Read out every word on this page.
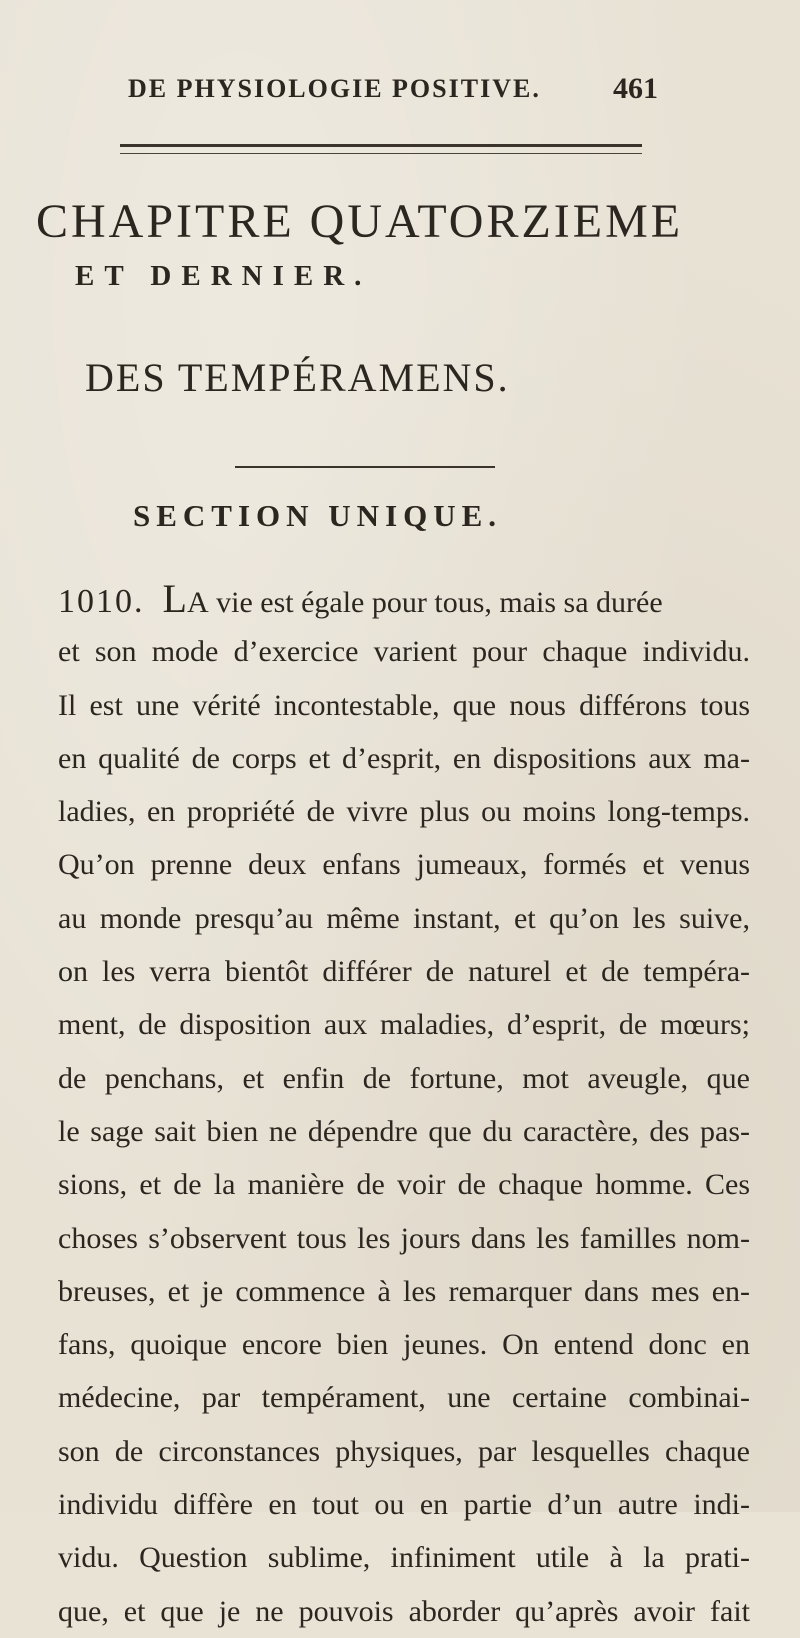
DE PHYSIOLOGIE POSITIVE. 461
CHAPITRE QUATORZIEME
ET DERNIER.
DES TEMPÉRAMENS.
SECTION UNIQUE.
1010. LA vie est égale pour tous, mais sa durée
et son mode d’exercice varient pour chaque individu.
Il est une vérité incontestable, que nous différons tous
en qualité de corps et d’esprit, en dispositions aux ma-
ladies, en propriété de vivre plus ou moins long-temps.
Qu’on prenne deux enfans jumeaux, formés et venus
au monde presqu’au même instant, et qu’on les suive,
on les verra bientôt différer de naturel et de tempéra-
ment, de disposition aux maladies, d’esprit, de mœurs;
de penchans, et enfin de fortune, mot aveugle, que
le sage sait bien ne dépendre que du caractère, des pas-
sions, et de la manière de voir de chaque homme. Ces
choses s’observent tous les jours dans les familles nom-
breuses, et je commence à les remarquer dans mes en-
fans, quoique encore bien jeunes. On entend donc en
médecine, par tempérament, une certaine combinai-
son de circonstances physiques, par lesquelles chaque
individu diffère en tout ou en partie d’un autre indi-
vidu. Question sublime, infiniment utile à la prati-
que, et que je ne pouvois aborder qu’après avoir fait
